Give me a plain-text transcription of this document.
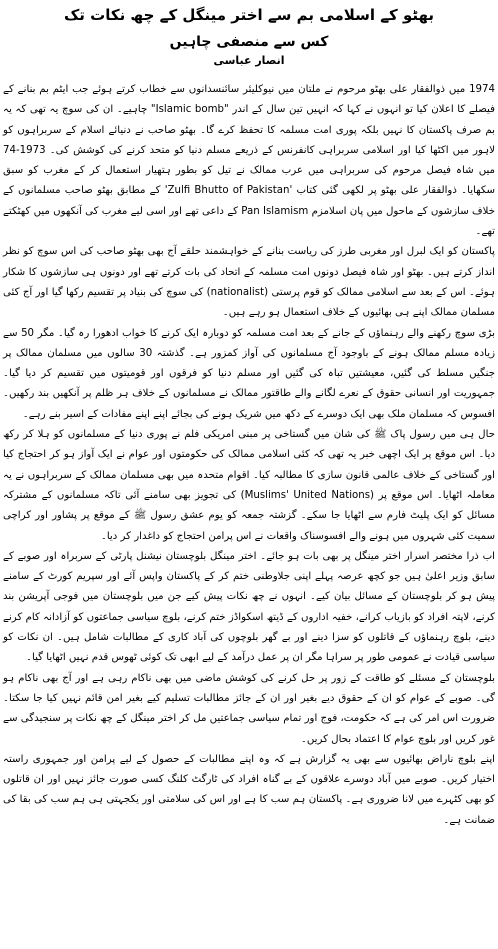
بھٹو کے اسلامی بم سے اختر مینگل کے چھ نکات تک
کس سے منصفی چاہیں
انصار عباسی

1974 میں ذوالفقار علی بھٹو مرحوم نے ملتان میں نیوکلیئر سائنسدانوں سے خطاب کرتے ہوئے جب ایٹم بم بنانے کے فیصلے کا اعلان کیا تو انہوں نے کہا کہ انہیں تین سال کے اندر "Islamic bomb" چاہیے۔ ان کی سوچ یہ تھی کہ یہ بم صرف پاکستان کا نہیں بلکہ پوری امت مسلمہ کا تحفظ کرے گا۔ بھٹو صاحب نے دنیائے اسلام کے سربراہوں کو لاہور میں اکٹھا کیا اور اسلامی سربراہی کانفرنس کے ذریعے مسلم دنیا کو متحد کرنے کی کوشش کی۔ 1973-74 میں شاہ فیصل مرحوم کی سربراہی میں عرب ممالک نے تیل کو بطور ہتھیار استعمال کر کے مغرب کو سبق سکھایا۔ ذوالفقار علی بھٹو پر لکھی گئی کتاب 'Zulfi Bhutto of Pakistan' کے مطابق بھٹو صاحب مسلمانوں کے خلاف سازشوں کے ماحول میں پان اسلامزم Pan Islamism کے داعی تھے اور اسی لیے مغرب کی آنکھوں میں کھٹکتے تھے۔

پاکستان کو ایک لبرل اور مغربی طرز کی ریاست بنانے کے خواہشمند حلقے آج بھی بھٹو صاحب کی اس سوچ کو نظر انداز کرتے ہیں۔ بھٹو اور شاہ فیصل دونوں امت مسلمہ کے اتحاد کی بات کرتے تھے اور دونوں ہی سازشوں کا شکار ہوئے۔ اس کے بعد سے اسلامی ممالک کو قوم پرستی (nationalist) کی سوچ کی بنیاد پر تقسیم رکھا گیا اور آج کئی مسلمان ممالک اپنے ہی بھائیوں کے خلاف استعمال ہو رہے ہیں۔

بڑی سوچ رکھنے والے رہنماؤں کے جانے کے بعد امت مسلمہ کو دوبارہ ایک کرنے کا خواب ادھورا رہ گیا۔ مگر 50 سے زیادہ مسلم ممالک ہونے کے باوجود آج مسلمانوں کی آواز کمزور ہے۔ گذشتہ 30 سالوں میں مسلمان ممالک پر جنگیں مسلط کی گئیں، معیشتیں تباہ کی گئیں اور مسلم دنیا کو فرقوں اور قومیتوں میں تقسیم کر دیا گیا۔ جمہوریت اور انسانی حقوق کے نعرے لگانے والے طاقتور ممالک نے مسلمانوں کے خلاف ہر ظلم پر آنکھیں بند رکھیں۔ افسوس کہ مسلمان ملک بھی ایک دوسرے کے دکھ میں شریک ہونے کی بجائے اپنے اپنے مفادات کے اسیر بنے رہے۔

حال ہی میں رسول پاک ﷺ کی شان میں گستاخی پر مبنی امریکی فلم نے پوری دنیا کے مسلمانوں کو ہلا کر رکھ دیا۔ اس موقع پر ایک اچھی خبر یہ تھی کہ کئی اسلامی ممالک کی حکومتوں اور عوام نے ایک آواز ہو کر احتجاج کیا اور گستاخی کے خلاف عالمی قانون سازی کا مطالبہ کیا۔ اقوام متحدہ میں بھی مسلمان ممالک کے سربراہوں نے یہ معاملہ اٹھایا۔ اس موقع پر (Muslims' United Nations) کی تجویز بھی سامنے آئی تاکہ مسلمانوں کے مشترکہ مسائل کو ایک پلیٹ فارم سے اٹھایا جا سکے۔ گزشتہ جمعہ کو یوم عشق رسول ﷺ کے موقع پر پشاور اور کراچی سمیت کئی شہروں میں ہونے والے افسوسناک واقعات نے اس پرامن احتجاج کو داغدار کر دیا۔

اب ذرا مختصر اسرار اختر مینگل پر بھی بات ہو جائے۔ اختر مینگل بلوچستان نیشنل پارٹی کے سربراہ اور صوبے کے سابق وزیر اعلیٰ ہیں جو کچھ عرصہ پہلے اپنی جلاوطنی ختم کر کے پاکستان واپس آئے اور سپریم کورٹ کے سامنے پیش ہو کر بلوچستان کے مسائل بیان کیے۔ انہوں نے چھ نکات پیش کیے جن میں بلوچستان میں فوجی آپریشن بند کرنے، لاپتہ افراد کو بازیاب کرانے، خفیہ اداروں کے ڈیتھ اسکواڈز ختم کرنے، بلوچ سیاسی جماعتوں کو آزادانہ کام کرنے دینے، بلوچ رہنماؤں کے قاتلوں کو سزا دینے اور بے گھر بلوچوں کی آباد کاری کے مطالبات شامل ہیں۔ ان نکات کو سیاسی قیادت نے عمومی طور پر سراہا مگر ان پر عمل درآمد کے لیے ابھی تک کوئی ٹھوس قدم نہیں اٹھایا گیا۔

بلوچستان کے مسئلے کو طاقت کے زور پر حل کرنے کی کوشش ماضی میں بھی ناکام رہی ہے اور آج بھی ناکام ہو گی۔ صوبے کے عوام کو ان کے حقوق دیے بغیر اور ان کے جائز مطالبات تسلیم کیے بغیر امن قائم نہیں کیا جا سکتا۔ ضرورت اس امر کی ہے کہ حکومت، فوج اور تمام سیاسی جماعتیں مل کر اختر مینگل کے چھ نکات پر سنجیدگی سے غور کریں اور بلوچ عوام کا اعتماد بحال کریں۔

اپنے بلوچ ناراض بھائیوں سے بھی یہ گزارش ہے کہ وہ اپنے مطالبات کے حصول کے لیے پرامن اور جمہوری راستہ اختیار کریں۔ صوبے میں آباد دوسرے علاقوں کے بے گناہ افراد کی ٹارگٹ کلنگ کسی صورت جائز نہیں اور ان قاتلوں کو بھی کٹہرے میں لانا ضروری ہے۔ پاکستان ہم سب کا ہے اور اس کی سلامتی اور یکجہتی ہی ہم سب کی بقا کی ضمانت ہے۔
